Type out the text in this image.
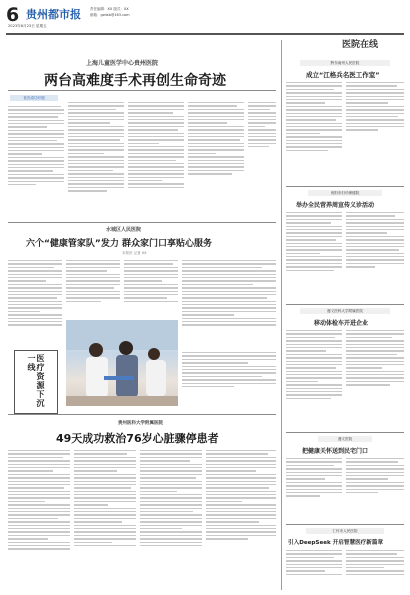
6 贵州都市报
2023年6月23日 星期五
责任编辑：XX 版式：XX
邮箱：gzdsb@163.com
医院在线
上海儿童医学中心贵州医院
两台高难度手术再创生命奇迹
首次成功开展
水城区人民医院
六个“健康管家队”发力 群众家门口享贴心服务
本报讯 记者 XX
医疗资源下沉一线
贵州医科大学附属医院
49天成功救治76岁心脏骤停患者
黔东南州人民医院
成立“江格兵名医工作室”
贵阳市妇幼保健院
举办全民营养周宣传义诊活动
遵义医科大学附属医院
移动体检车开进企业
遵义医院
把健康关怀送到民宅门口
仁怀市人民医院
引入DeepSeek 开启智慧医疗新篇章
